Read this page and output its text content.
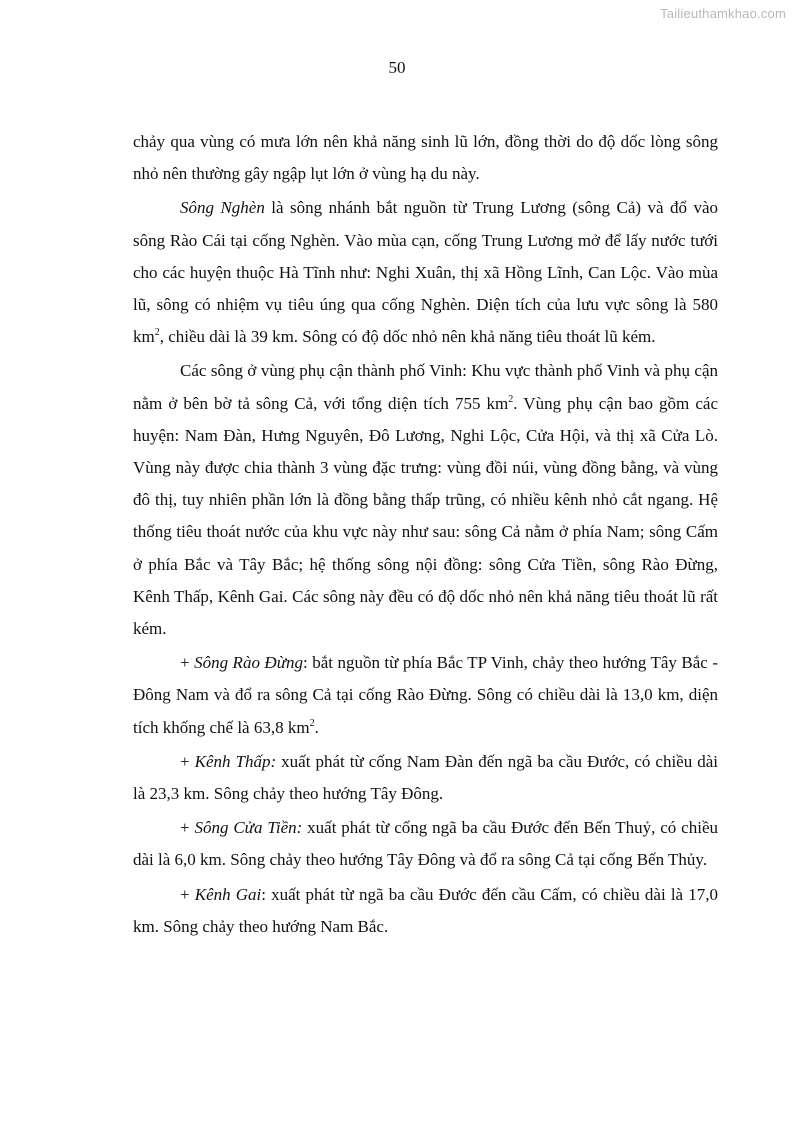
Tailieuthamkhao.com
50

chảy qua vùng có mưa lớn nên khả năng sinh lũ lớn, đồng thời do độ dốc lòng sông nhỏ nên thường gây ngập lụt lớn ở vùng hạ du này.

Sông Nghèn là sông nhánh bắt nguồn từ Trung Lương (sông Cả) và đổ vào sông Rào Cái tại cống Nghèn. Vào mùa cạn, cống Trung Lương mở để lấy nước tưới cho các huyện thuộc Hà Tĩnh như: Nghi Xuân, thị xã Hồng Lĩnh, Can Lộc. Vào mùa lũ, sông có nhiệm vụ tiêu úng qua cống Nghèn. Diện tích của lưu vực sông là 580 $km^2$, chiều dài là 39 km. Sông có độ dốc nhỏ nên khả năng tiêu thoát lũ kém.

Các sông ở vùng phụ cận thành phố Vinh: Khu vực thành phố Vinh và phụ cận nằm ở bên bờ tả sông Cả, với tổng diện tích 755 $km^2$. Vùng phụ cận bao gồm các huyện: Nam Đàn, Hưng Nguyên, Đô Lương, Nghi Lộc, Cửa Hội, và thị xã Cửa Lò. Vùng này được chia thành 3 vùng đặc trưng: vùng đồi núi, vùng đồng bằng, và vùng đô thị, tuy nhiên phần lớn là đồng bằng thấp trũng, có nhiều kênh nhỏ cắt ngang. Hệ thống tiêu thoát nước của khu vực này như sau: sông Cả nằm ở phía Nam; sông Cấm ở phía Bắc và Tây Bắc; hệ thống sông nội đồng: sông Cửa Tiền, sông Rào Đừng, Kênh Thấp, Kênh Gai. Các sông này đều có độ dốc nhỏ nên khả năng tiêu thoát lũ rất kém.

+ Sông Rào Đừng: bắt nguồn từ phía Bắc TP Vinh, chảy theo hướng Tây Bắc - Đông Nam và đổ ra sông Cả tại cống Rào Đừng. Sông có chiều dài là 13,0 km, diện tích khống chế là 63,8 $km^2$.

+ Kênh Thấp: xuất phát từ cống Nam Đàn đến ngã ba cầu Đước, có chiều dài là 23,3 km. Sông chảy theo hướng Tây Đông.

+ Sông Cửa Tiền: xuất phát từ cống ngã ba cầu Đước đến Bến Thuỷ, có chiều dài là 6,0 km. Sông chảy theo hướng Tây Đông và đổ ra sông Cả tại cống Bến Thủy.

+ Kênh Gai: xuất phát từ ngã ba cầu Đước đến cầu Cấm, có chiều dài là 17,0 km. Sông chảy theo hướng Nam Bắc.
